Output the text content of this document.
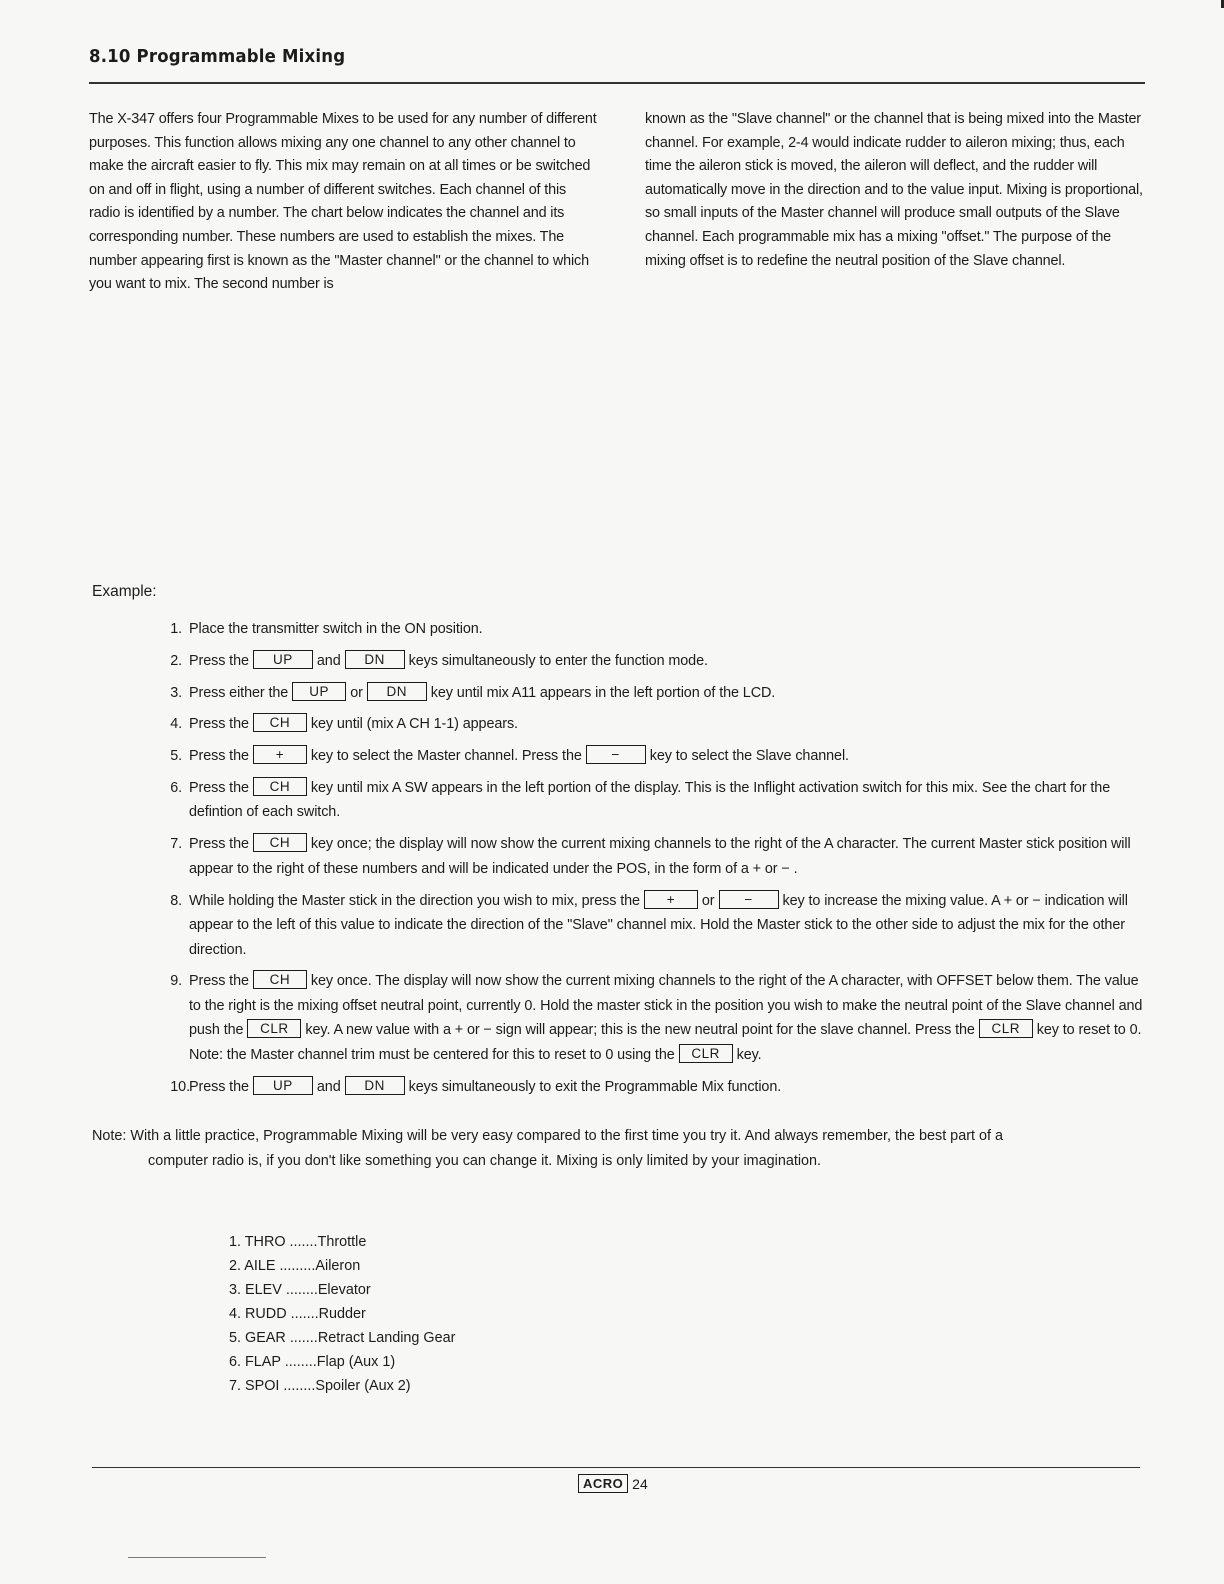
8.10 Programmable Mixing

The X-347 offers four Programmable Mixes to be used for any number of different purposes. This function allows mixing any one channel to any other channel to make the aircraft easier to fly. This mix may remain on at all times or be switched on and off in flight, using a number of different switches. Each channel of this radio is identified by a number. The chart below indicates the channel and its corresponding number. These numbers are used to establish the mixes. The number appearing first is known as the "Master channel" or the channel to which you want to mix. The second number is

known as the "Slave channel" or the channel that is being mixed into the Master channel. For example, 2-4 would indicate rudder to aileron mixing; thus, each time the aileron stick is moved, the aileron will deflect, and the rudder will automatically move in the direction and to the value input. Mixing is proportional, so small inputs of the Master channel will produce small outputs of the Slave channel. Each programmable mix has a mixing "offset." The purpose of the mixing offset is to redefine the neutral position of the Slave channel.

Example:

1. Place the transmitter switch in the ON position.

2. Press the UP and DN keys simultaneously to enter the function mode.

3. Press either the UP or DN key until mix A11 appears in the left portion of the LCD.

4. Press the CH key until (mix A CH 1-1) appears.

5. Press the + key to select the Master channel. Press the − key to select the Slave channel.

6. Press the CH key until mix A SW appears in the left portion of the display. This is the Inflight activation switch for this mix. See the chart for the defintion of each switch.

7. Press the CH key once; the display will now show the current mixing channels to the right of the A character. The current Master stick position will appear to the right of these numbers and will be indicated under the POS, in the form of a + or − .

8. While holding the Master stick in the direction you wish to mix, press the + or − key to increase the mixing value. A + or − indication will appear to the left of this value to indicate the direction of the "Slave" channel mix. Hold the Master stick to the other side to adjust the mix for the other direction.

9. Press the CH key once. The display will now show the current mixing channels to the right of the A character, with OFFSET below them. The value to the right is the mixing offset neutral point, currently 0. Hold the master stick in the position you wish to make the neutral point of the Slave channel and push the CLR key. A new value with a + or − sign will appear; this is the new neutral point for the slave channel. Press the CLR key to reset to 0. Note: the Master channel trim must be centered for this to reset to 0 using the CLR key.

10. Press the UP and DN keys simultaneously to exit the Programmable Mix function.

Note: With a little practice, Programmable Mixing will be very easy compared to the first time you try it. And always remember, the best part of a
computer radio is, if you don't like something you can change it. Mixing is only limited by your imagination.

1. THRO .......Throttle
2. AILE .........Aileron
3. ELEV ........Elevator
4. RUDD .......Rudder
5. GEAR .......Retract Landing Gear
6. FLAP ........Flap (Aux 1)
7. SPOI ........Spoiler (Aux 2)
ACRO 24
